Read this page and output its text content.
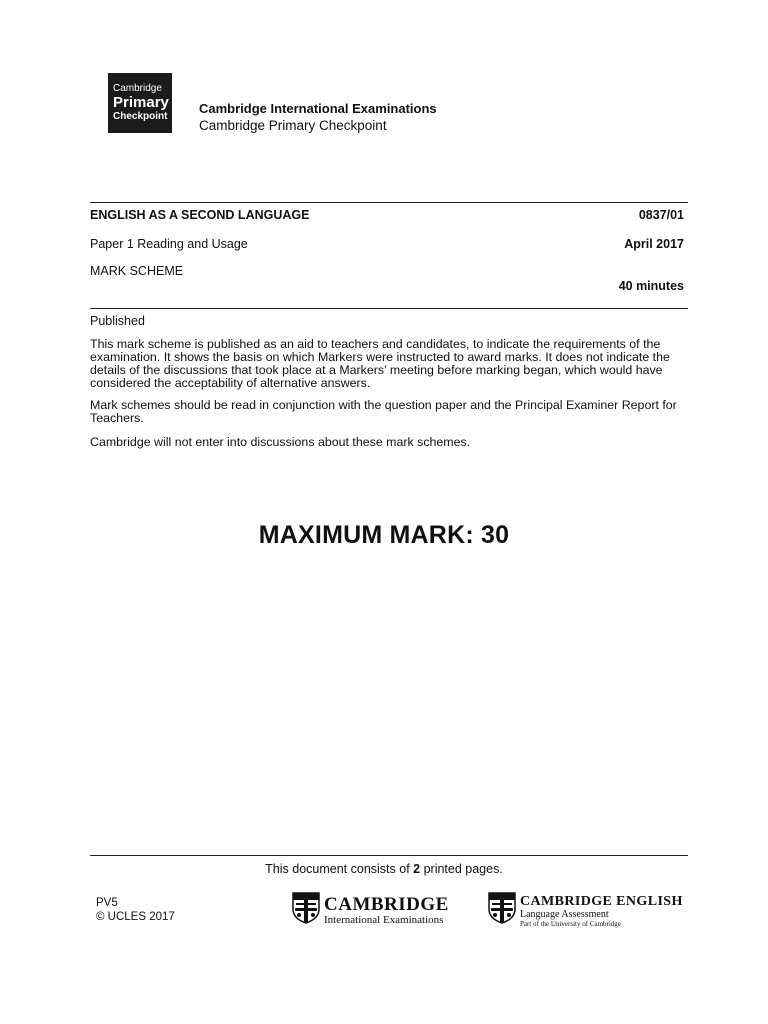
Cambridge
Primary
Checkpoint
Cambridge International Examinations
Cambridge Primary Checkpoint
ENGLISH AS A SECOND LANGUAGE	0837/01
Paper 1 Reading and Usage	April 2017
MARK SCHEME
40 minutes
Published
This mark scheme is published as an aid to teachers and candidates, to indicate the requirements of the examination. It shows the basis on which Markers were instructed to award marks. It does not indicate the details of the discussions that took place at a Markers’ meeting before marking began, which would have considered the acceptability of alternative answers.
Mark schemes should be read in conjunction with the question paper and the Principal Examiner Report for Teachers.
Cambridge will not enter into discussions about these mark schemes.
MAXIMUM MARK: 30
This document consists of 2 printed pages.
PV5
© UCLES 2017
CAMBRIDGE
International Examinations
CAMBRIDGE ENGLISH
Language Assessment
Part of the University of Cambridge
